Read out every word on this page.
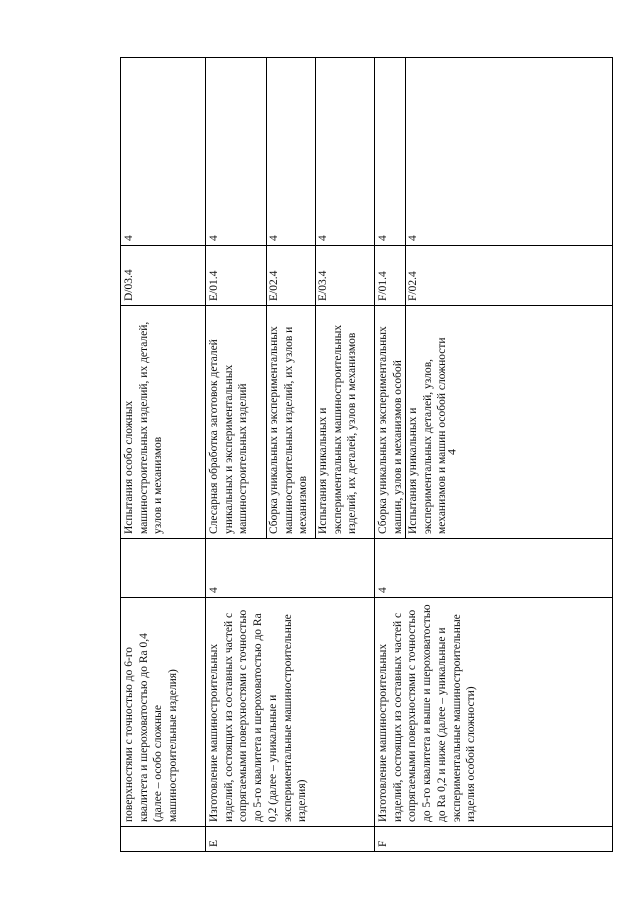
4
поверхностями с точностью до 6-го квалитета и шероховатостью до Ra 0,4 (далее – особо сложные машиностроительные изделия)
Испытания особо сложных машиностроительных изделий, их деталей, узлов и механизмов
D/03.4
4
E
Изготовление машиностроительных изделий, состоящих из составных частей с сопрягаемыми поверхностями с точностью до 5-го квалитета и шероховатостью до Ra 0,2 (далее – уникальные и экспериментальные машиностроительные изделия)
4
Слесарная обработка заготовок деталей уникальных и экспериментальных машиностроительных изделий
E/01.4
4
Сборка уникальных и экспериментальных машиностроительных изделий, их узлов и механизмов
E/02.4
4
Испытания уникальных и экспериментальных машиностроительных изделий, их деталей, узлов и механизмов
E/03.4
4
F
Изготовление машиностроительных изделий, состоящих из составных частей с сопрягаемыми поверхностями с точностью до 5-го квалитета и выше и шероховатостью до Ra 0,2 и ниже (далее – уникальные и экспериментальные машиностроительные изделия особой сложности)
4
Сборка уникальных и экспериментальных машин, узлов и механизмов особой
F/01.4
4
Испытания уникальных и экспериментальных деталей, узлов, механизмов и машин особой сложности
F/02.4
4
